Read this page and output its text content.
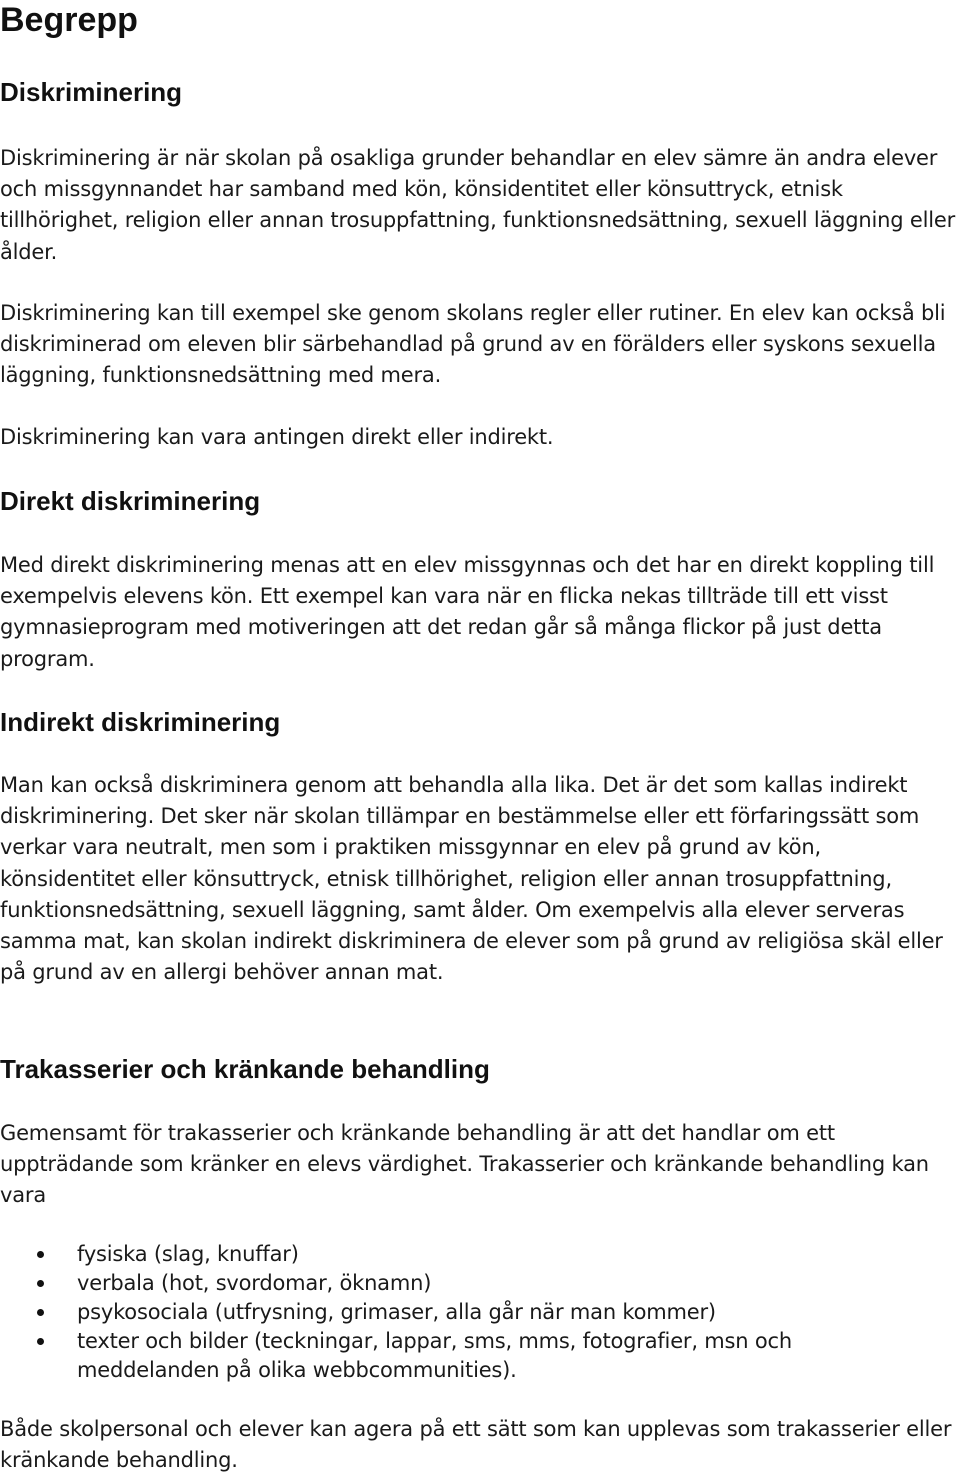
Begrepp
Diskriminering

Diskriminering är när skolan på osakliga grunder behandlar en elev sämre än andra elever och missgynnandet har samband med kön, könsidentitet eller könsuttryck, etnisk tillhörighet, religion eller annan trosuppfattning, funktionsnedsättning, sexuell läggning eller ålder.

Diskriminering kan till exempel ske genom skolans regler eller rutiner. En elev kan också bli diskriminerad om eleven blir särbehandlad på grund av en förälders eller syskons sexuella läggning, funktionsnedsättning med mera.

Diskriminering kan vara antingen direkt eller indirekt.

Direkt diskriminering

Med direkt diskriminering menas att en elev missgynnas och det har en direkt koppling till exempelvis elevens kön. Ett exempel kan vara när en flicka nekas tillträde till ett visst gymnasieprogram med motiveringen att det redan går så många flickor på just detta program.

Indirekt diskriminering

Man kan också diskriminera genom att behandla alla lika. Det är det som kallas indirekt diskriminering. Det sker när skolan tillämpar en bestämmelse eller ett förfaringssätt som verkar vara neutralt, men som i praktiken missgynnar en elev på grund av kön, könsidentitet eller könsuttryck, etnisk tillhörighet, religion eller annan trosuppfattning, funktionsnedsättning, sexuell läggning, samt ålder. Om exempelvis alla elever serveras samma mat, kan skolan indirekt diskriminera de elever som på grund av religiösa skäl eller på grund av en allergi behöver annan mat.

Trakasserier och kränkande behandling

Gemensamt för trakasserier och kränkande behandling är att det handlar om ett uppträdande som kränker en elevs värdighet. Trakasserier och kränkande behandling kan vara

fysiska (slag, knuffar)
verbala (hot, svordomar, öknamn)
psykosociala (utfrysning, grimaser, alla går när man kommer)
texter och bilder (teckningar, lappar, sms, mms, fotografier, msn och meddelanden på olika webbcommunities).

Både skolpersonal och elever kan agera på ett sätt som kan upplevas som trakasserier eller kränkande behandling.
